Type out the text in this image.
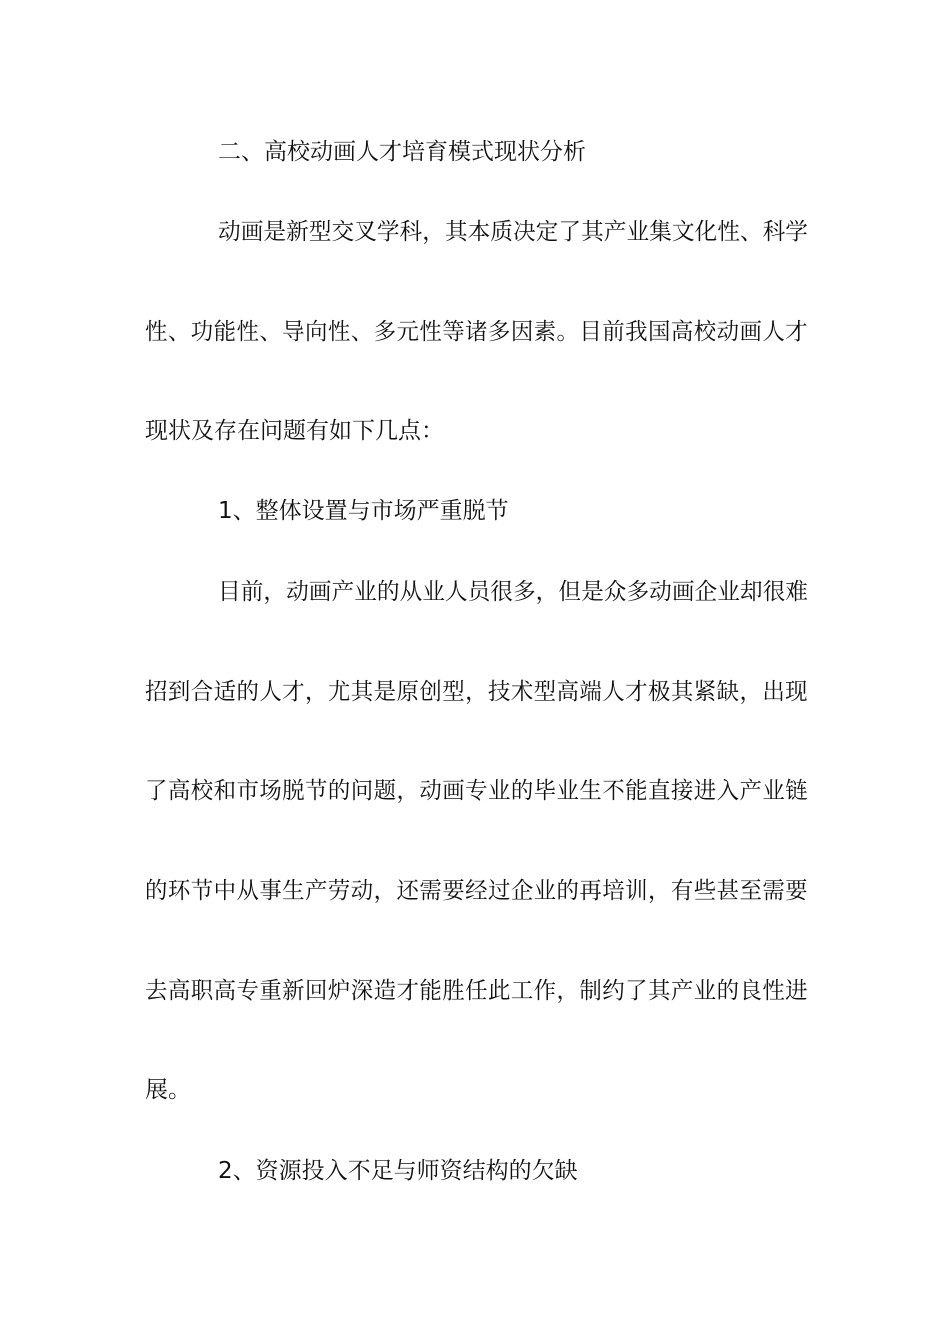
二、高校动画人才培育模式现状分析
动画是新型交叉学科，其本质决定了其产业集文化性、科学
性、功能性、导向性、多元性等诸多因素。目前我国高校动画人才
现状及存在问题有如下几点：
1、整体设置与市场严重脱节
目前，动画产业的从业人员很多，但是众多动画企业却很难
招到合适的人才，尤其是原创型，技术型高端人才极其紧缺，出现
了高校和市场脱节的问题，动画专业的毕业生不能直接进入产业链
的环节中从事生产劳动，还需要经过企业的再培训，有些甚至需要
去高职高专重新回炉深造才能胜任此工作，制约了其产业的良性进
展。
2、资源投入不足与师资结构的欠缺
